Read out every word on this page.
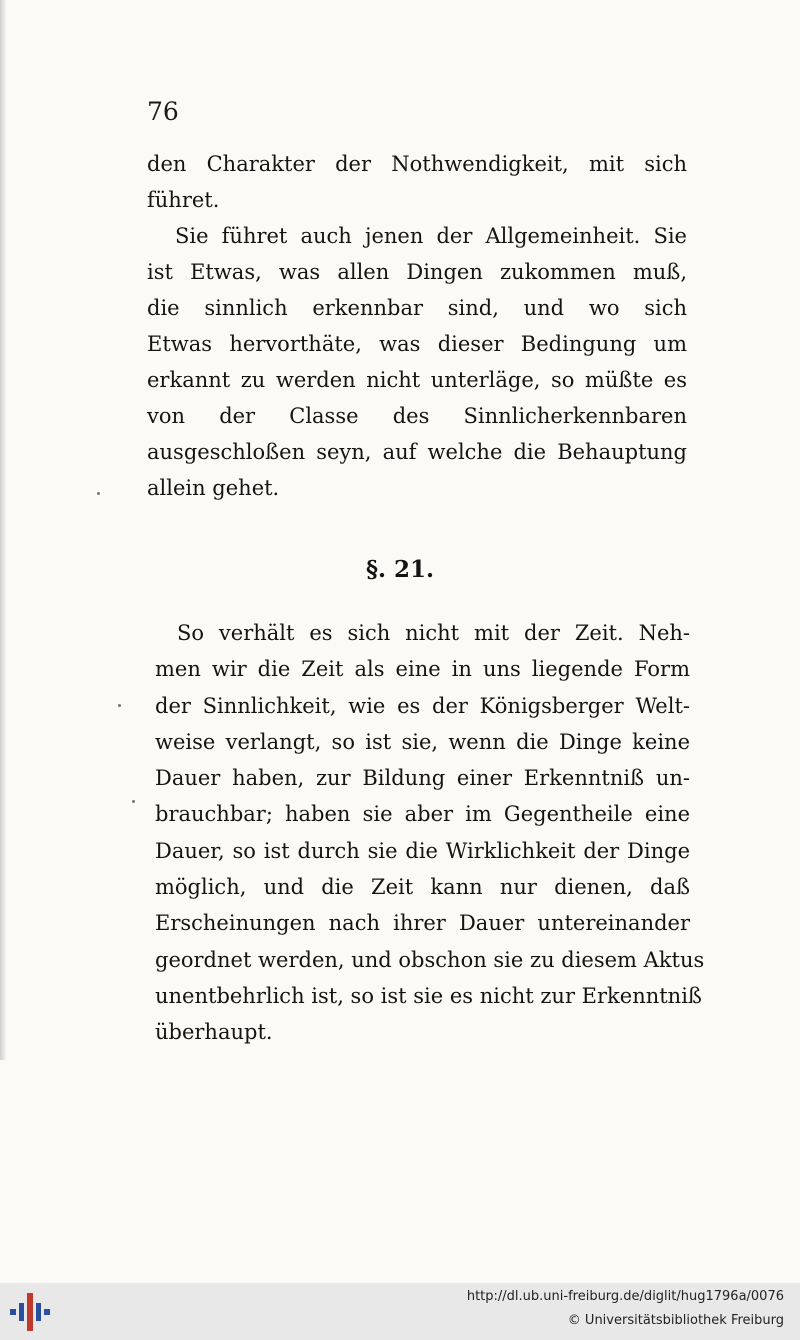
76

den Charakter der Nothwendigkeit, mit sich
führet.
Sie führet auch jenen der Allgemeinheit. Sie
ist Etwas, was allen Dingen zukommen muß,
die sinnlich erkennbar sind, und wo sich
Etwas hervorthäte, was dieser Bedingung um
erkannt zu werden nicht unterläge, so müßte es
von der Classe des Sinnlicherkennbaren
ausgeschloßen seyn, auf welche die Behauptung
allein gehet.

§. 21.

So verhält es sich nicht mit der Zeit. Neh-
men wir die Zeit als eine in uns liegende Form
der Sinnlichkeit, wie es der Königsberger Welt-
weise verlangt, so ist sie, wenn die Dinge keine
Dauer haben, zur Bildung einer Erkenntniß un-
brauchbar; haben sie aber im Gegentheile eine
Dauer, so ist durch sie die Wirklichkeit der Dinge
möglich, und die Zeit kann nur dienen, daß
Erscheinungen nach ihrer Dauer untereinander
geordnet werden, und obschon sie zu diesem Aktus
unentbehrlich ist, so ist sie es nicht zur Erkenntniß
überhaupt.

http://dl.ub.uni-freiburg.de/diglit/hug1796a/0076
© Universitätsbibliothek Freiburg
